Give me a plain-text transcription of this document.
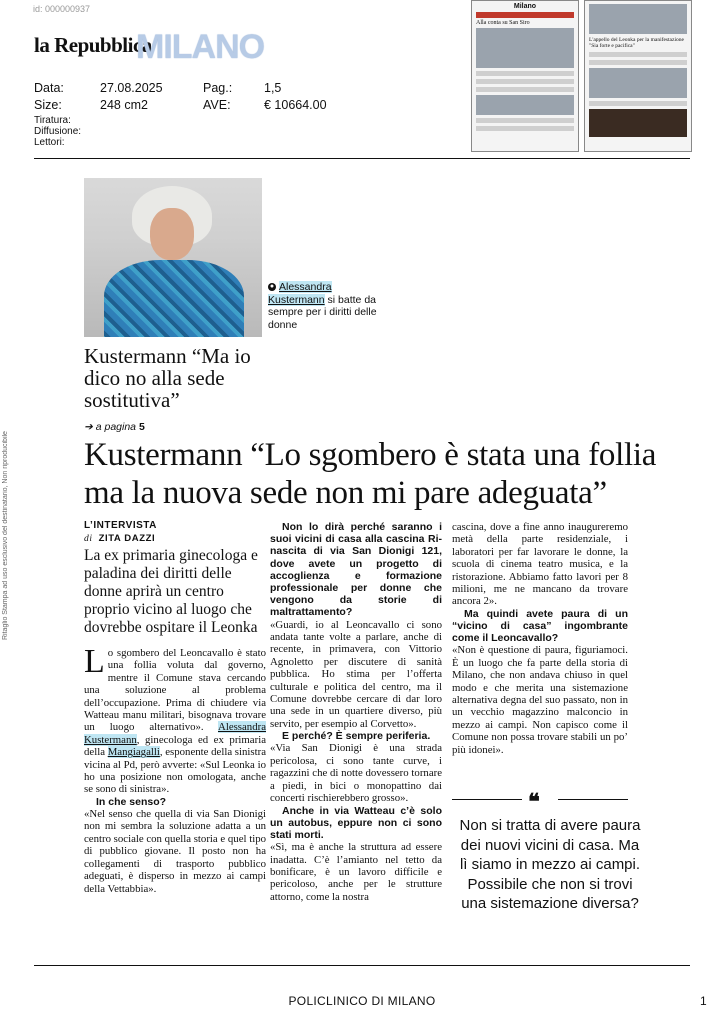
id: 000000937
la Repubblica
MILANO
Data:	27.08.2025	Pag.:	1,5
Size:	248 cm2	AVE:	€ 10664.00
Tiratura:
Diffusione:
Lettori:
Milano
Alla conta su San Siro
L'appello del Leonka per la manifestazione "Sia forte e pacifica"
Ritaglio Stampa ad uso esclusivo del destinatario, Non riproducibile
● Alessandra Kustermann si batte da sempre per i diritti delle donne
Kustermann “Ma io dico no alla sede sostitutiva”
➔ a pagina 5
Kustermann “Lo sgombero è stata una follia ma la nuova sede non mi pare adeguata”
L’INTERVISTA
di ZITA DAZZI
La ex primaria ginecologa e paladina dei diritti delle donne aprirà un centro proprio vicino al luogo che dovrebbe ospitare il Leonka

Lo sgombero del Leoncavallo è stato una follia voluta dal governo, mentre il Comune stava cercando una soluzione al problema dell’occupazione. Prima di chiudere via Watteau manu militari, bisognava trovare un luogo alternativo». Alessandra Kustermann, ginecologa ed ex primaria della Mangiagalli, esponente della sinistra vicina al Pd, però avverte: «Sul Leonka io ho una posizione non omologata, anche se sono di sinistra».

In che senso?

«Nel senso che quella di via San Dionigi non mi sembra la soluzione adatta a un centro sociale con quella storia e quel tipo di pubblico giovane. Il posto non ha collegamenti di trasporto pubblico adeguati, è disperso in mezzo ai campi della Vettabbia».

Non lo dirà perché saranno i suoi vicini di casa alla cascina Ri-nascita di via San Dionigi 121, dove avete un progetto di accoglienza e formazione professionale per donne che vengono da storie di maltrattamento?

«Guardi, io al Leoncavallo ci sono andata tante volte a parlare, anche di recente, in primavera, con Vittorio Agnoletto per discutere di sanità pubblica. Ho stima per l’offerta culturale e politica del centro, ma il Comune dovrebbe cercare di dar loro una sede in un quartiere diverso, più servito, per esempio al Corvetto».

E perché? È sempre periferia.

«Via San Dionigi è una strada pericolosa, ci sono tante curve, i ragazzini che di notte dovessero tornare a piedi, in bici o monopattino dai concerti rischierebbero grosso».

Anche in via Watteau c’è solo un autobus, eppure non ci sono stati morti.

«Sì, ma è anche la struttura ad essere inadatta. C’è l’amianto nel tetto da bonificare, è un lavoro difficile e pericoloso, anche per le strutture attorno, come la nostra

cascina, dove a fine anno inaugureremo metà della parte residenziale, i laboratori per far lavorare le donne, la scuola di cinema teatro musica, e la ristorazione. Abbiamo fatto lavori per 8 milioni, me ne mancano da trovare ancora 2».

Ma quindi avete paura di un “vicino di casa” ingombrante come il Leoncavallo?

«Non è questione di paura, figuriamoci. È un luogo che fa parte della storia di Milano, che non andava chiuso in quel modo e che merita una sistemazione alternativa degna del suo passato, non in un vecchio magazzino malconcio in mezzo ai campi. Non capisco come il Comune non possa trovare stabili un po’ più idonei».

❝
Non si tratta di avere paura dei nuovi vicini di casa. Ma lì siamo in mezzo ai campi. Possibile che non si trovi una sistemazione diversa?
POLICLINICO DI MILANO	1
